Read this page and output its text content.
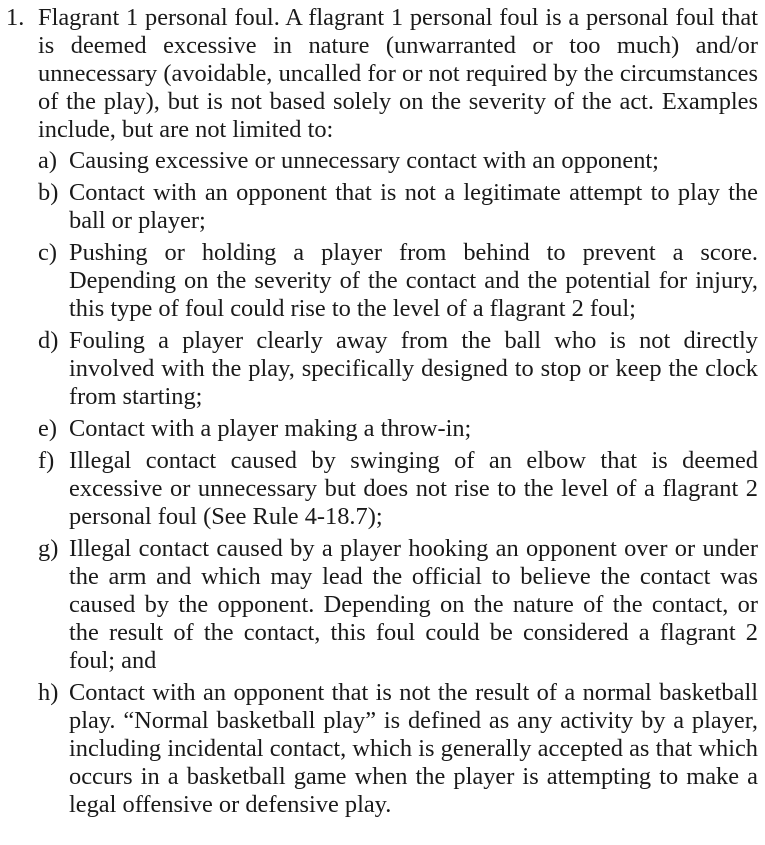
1. Flagrant 1 personal foul. A flagrant 1 personal foul is a personal foul that is deemed excessive in nature (unwarranted or too much) and/or unnecessary (avoidable, uncalled for or not required by the circumstances of the play), but is not based solely on the severity of the act. Examples include, but are not limited to:
a) Causing excessive or unnecessary contact with an opponent;
b) Contact with an opponent that is not a legitimate attempt to play the ball or player;
c) Pushing or holding a player from behind to prevent a score. Depending on the severity of the contact and the potential for injury, this type of foul could rise to the level of a flagrant 2 foul;
d) Fouling a player clearly away from the ball who is not directly involved with the play, specifically designed to stop or keep the clock from starting;
e) Contact with a player making a throw-in;
f) Illegal contact caused by swinging of an elbow that is deemed excessive or unnecessary but does not rise to the level of a flagrant 2 personal foul (See Rule 4-18.7);
g) Illegal contact caused by a player hooking an opponent over or under the arm and which may lead the official to believe the contact was caused by the opponent. Depending on the nature of the contact, or the result of the contact, this foul could be considered a flagrant 2 foul; and
h) Contact with an opponent that is not the result of a normal basketball play. “Normal basketball play” is defined as any activity by a player, including incidental contact, which is generally accepted as that which occurs in a basketball game when the player is attempting to make a legal offensive or defensive play.
